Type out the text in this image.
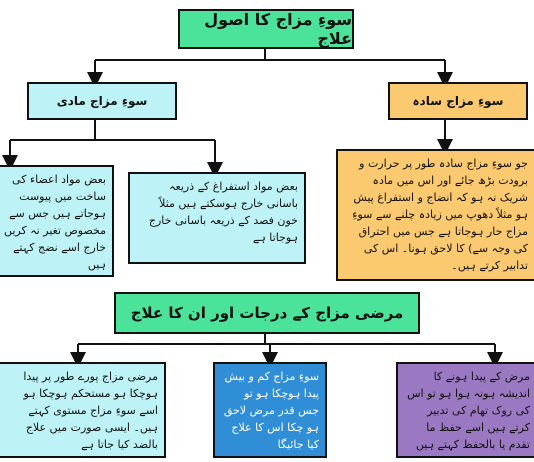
سوءِ مزاج کا اصول علاج
سوءِ مزاج مادی	سوءِ مزاج سادہ
بعض مواد اعضاء کی ساخت میں پیوست ہوجاتے ہیں جس سے مخصوص تغیر نہ کریں خارج اسے نضج کہتے ہیں
بعض مواد استفراغ کے ذریعہ باسانی خارج ہوسکتے ہیں مثلاً خون فصد کے ذریعہ باسانی خارج ہوجاتا ہے
جو سوءِ مزاج سادہ طور پر حرارت و برودت بڑھ جائے اور اس میں مادہ شریک نہ ہو کہ انضاج و استفراغ پیش ہو مثلاً دھوپ میں زیادہ چلنے سے سوءِ مزاج حار ہوجاتا ہے جس میں احتراق کی وجہ سے) کا لاحق ہونا۔ اس کی تدابیر کرتے ہیں۔
مرضی مزاج کے درجات اور ان کا علاج
مرضی مزاج پورے طور پر پیدا ہوچکا ہو مستحکم ہوچکا ہو اسے سوءِ مزاج مستوی کہتے ہیں۔ ایسی صورت میں علاج بالضد کیا جاتا ہے
سوءِ مزاج کم و بیش پیدا ہوچکا ہو تو جس قدر مرض لاحق ہو چکا اس کا علاج کیا جائیگا
مرض کے پیدا ہونے کا اندیشہ ہونہ ہوا ہو تو اس کی روک تھام کی تدبیر کرتے ہیں اسے حفظ ما تقدم یا بالحفظ کہتے ہیں
